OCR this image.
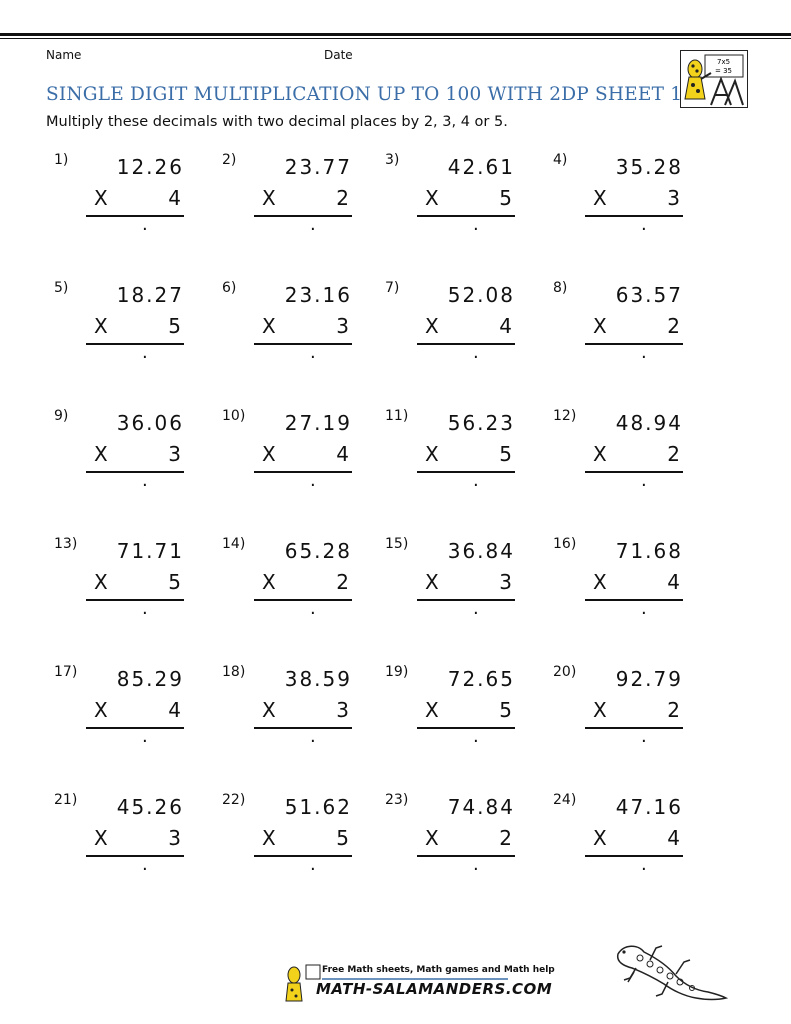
Name	Date	7x5
= 35
SINGLE DIGIT MULTIPLICATION UP TO 100 WITH 2DP SHEET 1
Multiply these decimals with two decimal places by 2, 3, 4 or 5.
1) 12.26
X	4
.
2) 23.77
X	2
.
3) 42.61
X	5
.
4) 35.28
X	3
.
5) 18.27
X	5
.
6) 23.16
X	3
.
7) 52.08
X	4
.
8) 63.57
X	2
.
9) 36.06
X	3
.
10) 27.19
X	4
.
11) 56.23
X	5
.
12) 48.94
X	2
.
13) 71.71
X	5
.
14) 65.28
X	2
.
15) 36.84
X	3
.
16) 71.68
X	4
.
17) 85.29
X	4
.
18) 38.59
X	3
.
19) 72.65
X	5
.
20) 92.79
X	2
.
21) 45.26
X	3
.
22) 51.62
X	5
.
23) 74.84
X	2
.
24) 47.16
X	4
.
Free Math sheets, Math games and Math help
MATH-SALAMANDERS.COM
